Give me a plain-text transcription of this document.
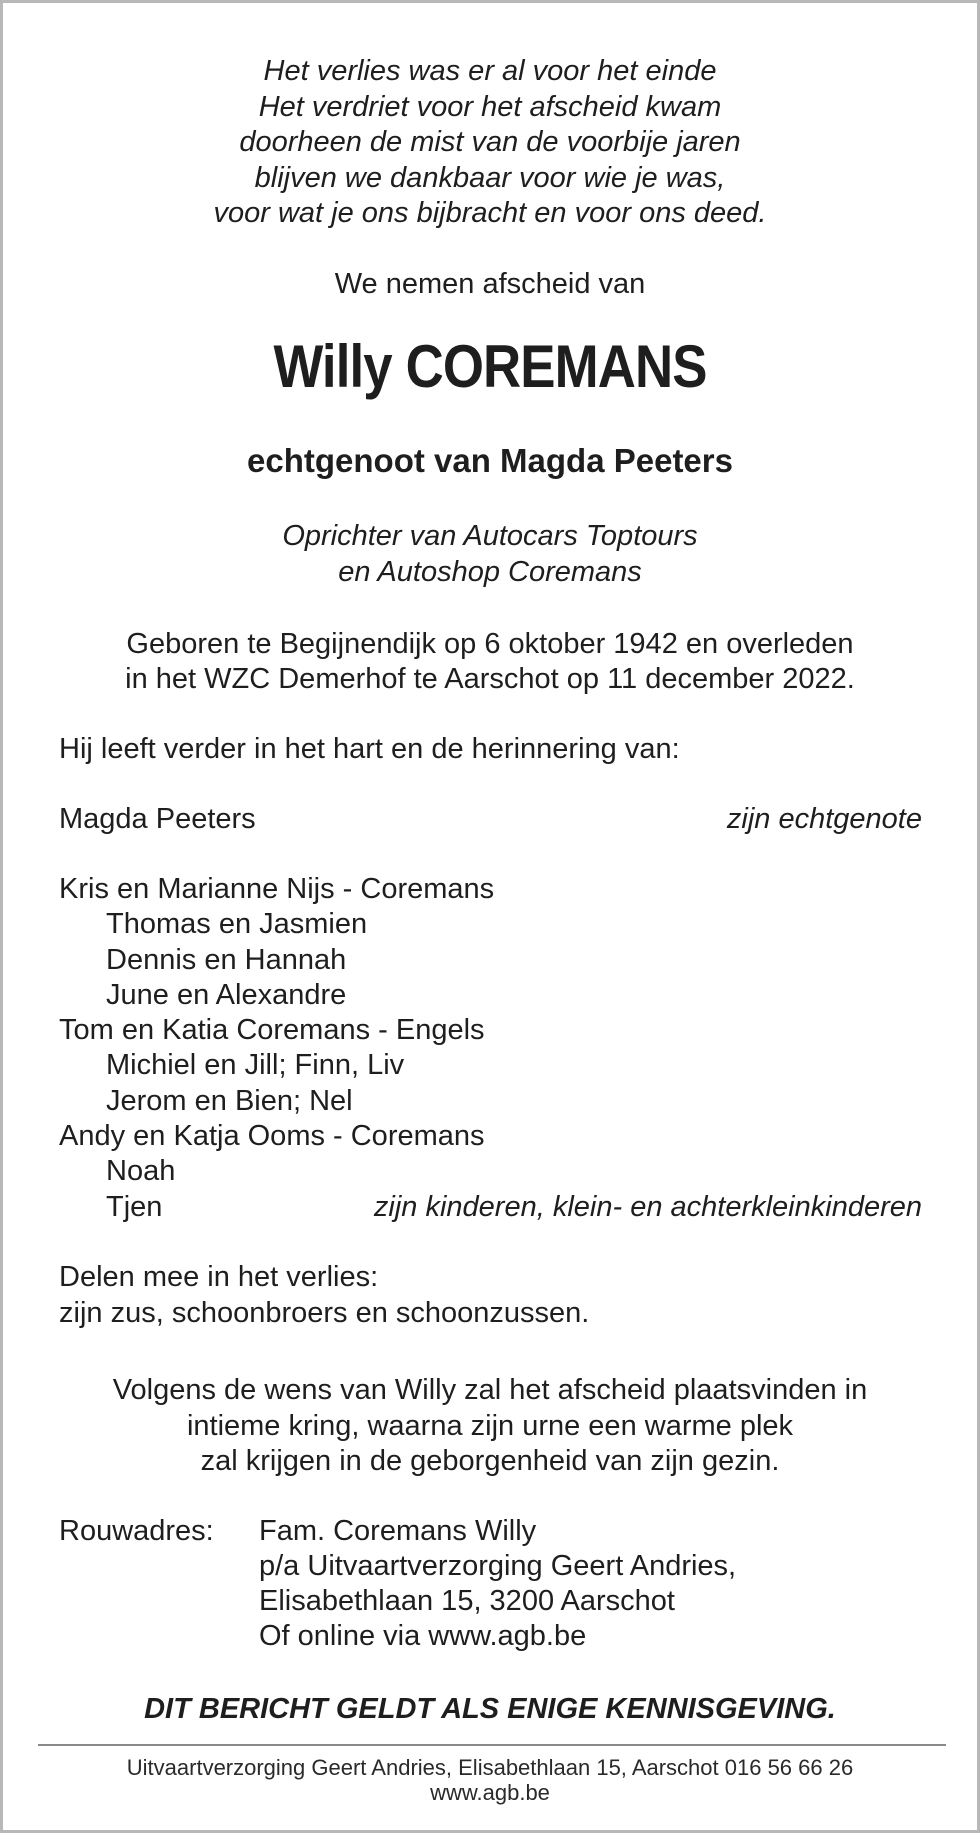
Het verlies was er al voor het einde
Het verdriet voor het afscheid kwam
doorheen de mist van de voorbije jaren
blijven we dankbaar voor wie je was,
voor wat je ons bijbracht en voor ons deed.
We nemen afscheid van
Willy COREMANS
echtgenoot van Magda Peeters
Oprichter van Autocars Toptours
en Autoshop Coremans
Geboren te Begijnendijk op 6 oktober 1942 en overleden
in het WZC Demerhof te Aarschot op 11 december 2022.
Hij leeft verder in het hart en de herinnering van:
Magda Peeters	zijn echtgenote
Kris en Marianne Nijs - Coremans
Thomas en Jasmien
Dennis en Hannah
June en Alexandre
Tom en Katia Coremans - Engels
Michiel en Jill; Finn, Liv
Jerom en Bien; Nel
Andy en Katja Ooms - Coremans
Noah
Tjen	zijn kinderen, klein- en achterkleinkinderen
Delen mee in het verlies:
zijn zus, schoonbroers en schoonzussen.
Volgens de wens van Willy zal het afscheid plaatsvinden in
intieme kring, waarna zijn urne een warme plek
zal krijgen in de geborgenheid van zijn gezin.
Rouwadres: Fam. Coremans Willy
p/a Uitvaartverzorging Geert Andries,
Elisabethlaan 15, 3200 Aarschot
Of online via www.agb.be
DIT BERICHT GELDT ALS ENIGE KENNISGEVING.
Uitvaartverzorging Geert Andries, Elisabethlaan 15, Aarschot 016 56 66 26
www.agb.be
